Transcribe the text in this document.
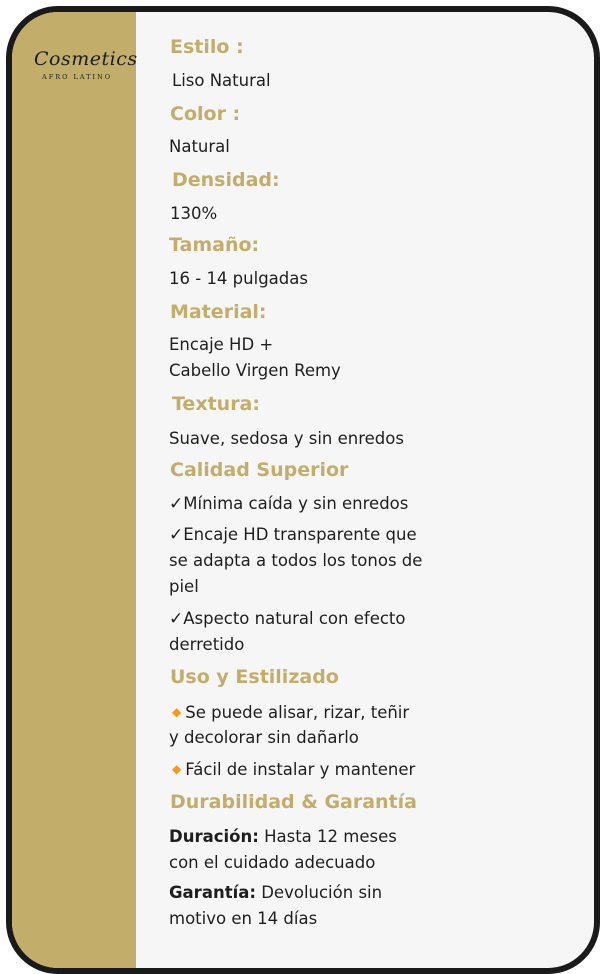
Cosmetics
AFRO LATINO
Estilo :
Liso Natural
Color :
Natural
Densidad:
130%
Tamaño:
16 - 14 pulgadas
Material:
Encaje HD +
Cabello Virgen Remy
Textura:
Suave, sedosa y sin enredos
Calidad Superior
✓Mínima caída y sin enredos
✓Encaje HD transparente que
se adapta a todos los tonos de
piel
✓Aspecto natural con efecto
derretido
Uso y Estilizado
◆ Se puede alisar, rizar, teñir
y decolorar sin dañarlo
◆ Fácil de instalar y mantener
Durabilidad & Garantía
Duración: Hasta 12 meses
con el cuidado adecuado
Garantía: Devolución sin
motivo en 14 días
